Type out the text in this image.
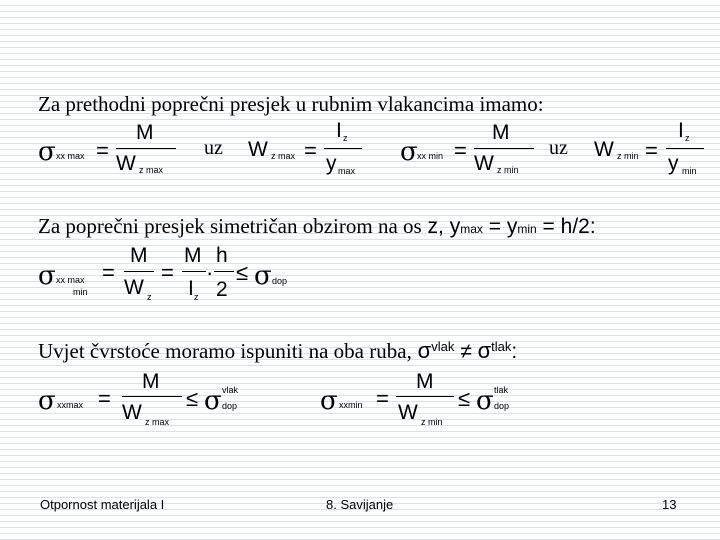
Za prethodni poprečni presjek u rubnim vlakancima imamo:
σ xx max =
M
W z max
uz W z max =
I z
y max
σ xx min =
M
W z min
uz W z min =
I z
y min
Za poprečni presjek simetričan obzirom na os z, ymax = ymin = h/2:
σ xx max
min
=
M
W z
=
M
I z
·
h
2
≤ σ dop
Uvjet čvrstoće moramo ispuniti na oba ruba, $\sigma^{vlak} \ne \sigma^{tlak}$:
σ xxmax =
M
W z max
≤ σ vlak
dop	σ xxmin =
M
W z min
≤ σ tlak
dop
Otpornost materijala I	8. Savijanje	13
